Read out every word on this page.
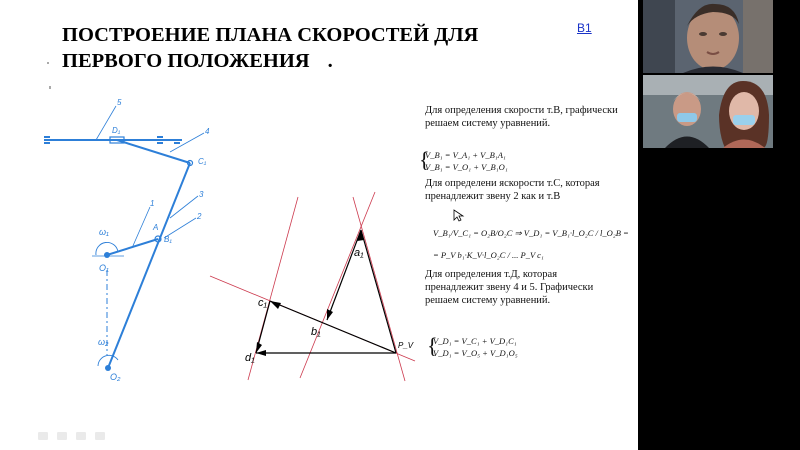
ПОСТРОЕНИЕ ПЛАНА СКОРОСТЕЙ ДЛЯ
ПЕРВОГО ПОЛОЖЕНИЯ .
В1

Для определения скорости т.В, графически решаем систему уравнений.

{
V_B₁ = V_A₁ + V_B₁A₁
V_B₁ = V_O₁ + V_B₁O₁

Для определени яскорости т.С, которая пренадлежит звену 2 как и т.В

V_B₁/V_C₁ = O₂B/O₂C ⇒ V_D₁ = V_B₁·l_O₂C / l_O₂B =
= P_V b₁·K_V·l_O₂C / ... P_V c₁

Для определения т.Д, которая пренадлежит звену 4 и 5. Графически решаем систему уравнений.

{
V_D₁ = V_C₁ + V_D₁C₁
V_D₁ = V_O₅ + V_D₁O₅
5
D₁	4
C₁
3
1
2
A
B₁
ω₁
O₁
ω₂
O₂
a₁
c₁
b₁
P_V
d₁
